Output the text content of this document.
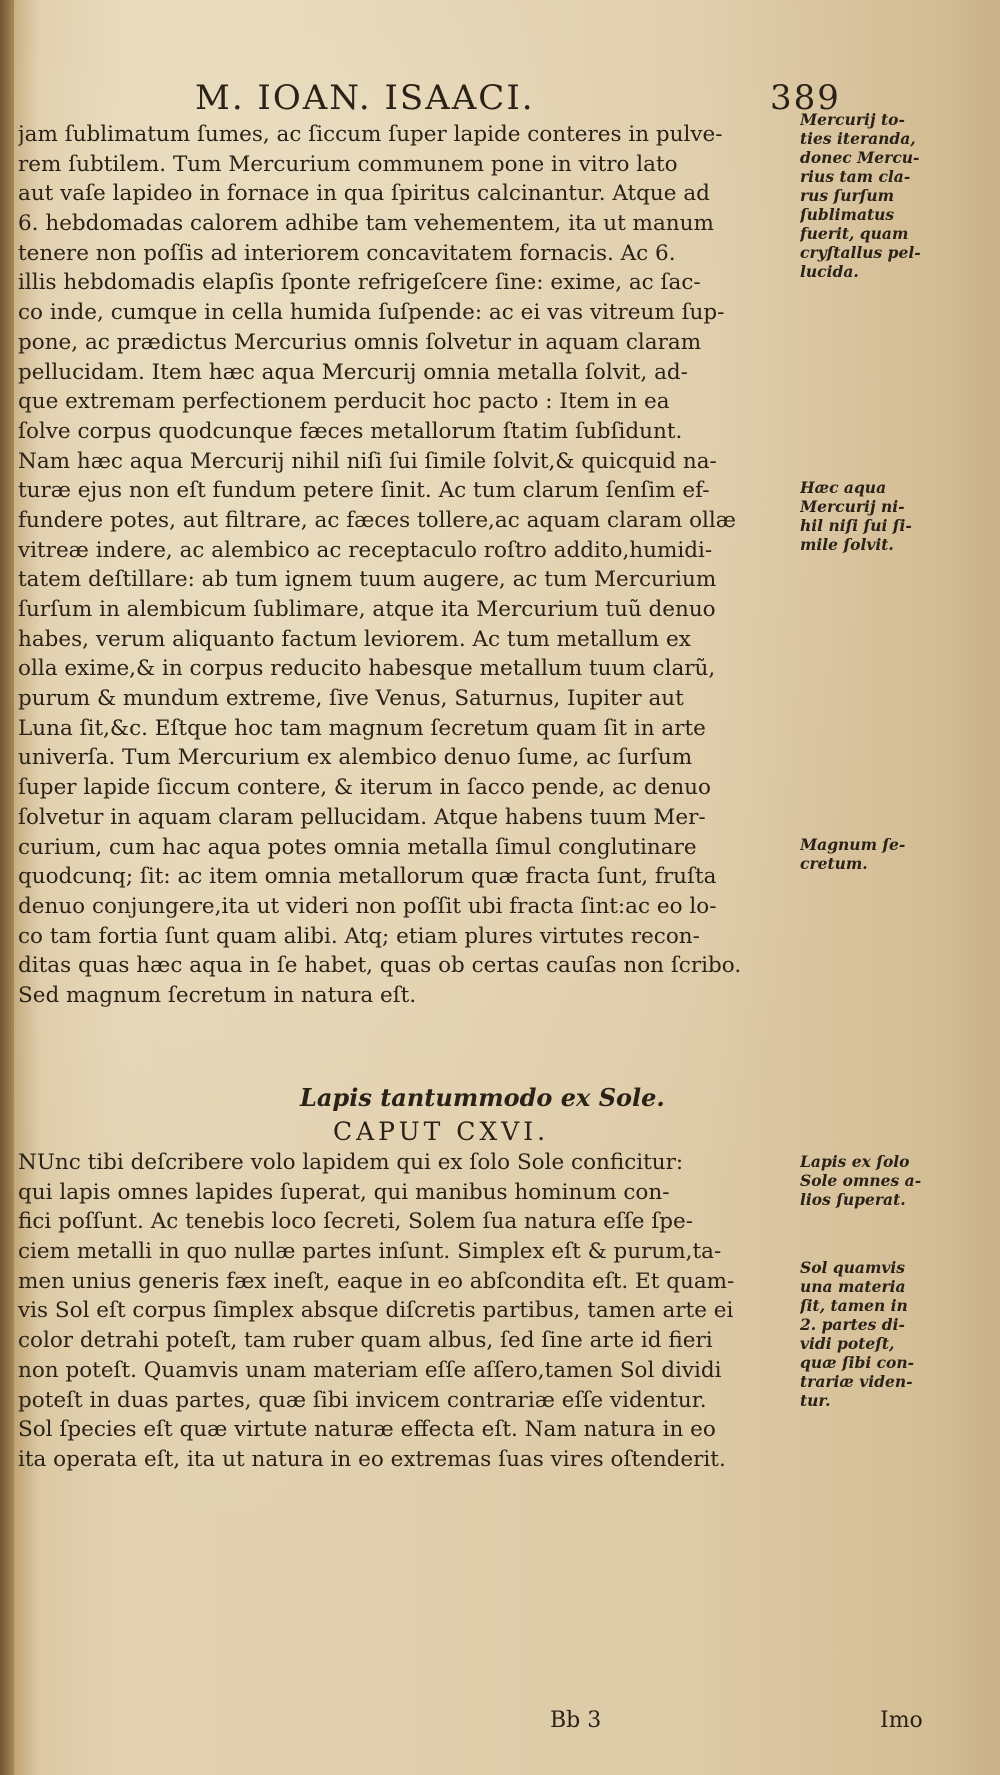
M. IOAN. ISAACI.	389
jam ſublimatum ſumes, ac ſiccum ſuper lapide conteres in pulve-
rem ſubtilem. Tum Mercurium communem pone in vitro lato
aut vaſe lapideo in fornace in qua ſpiritus calcinantur. Atque ad
6. hebdomadas calorem adhibe tam vehementem, ita ut manum
tenere non poſſis ad interiorem concavitatem fornacis. Ac 6.
illis hebdomadis elapſis ſponte refrigeſcere ſine: exime, ac ſac-
co inde, cumque in cella humida ſuſpende: ac ei vas vitreum ſup-
pone, ac prædictus Mercurius omnis ſolvetur in aquam claram
pellucidam. Item hæc aqua Mercurij omnia metalla ſolvit, ad-
que extremam perfectionem perducit hoc pacto : Item in ea
ſolve corpus quodcunque fæces metallorum ſtatim ſubſidunt.
Nam hæc aqua Mercurij nihil niſi ſui ſimile ſolvit,& quicquid na-
turæ ejus non eſt fundum petere ſinit. Ac tum clarum ſenſim ef-
fundere potes, aut filtrare, ac fæces tollere,ac aquam claram ollæ
vitreæ indere, ac alembico ac receptaculo roſtro addito,humidi-
tatem deſtillare: ab tum ignem tuum augere, ac tum Mercurium
ſurſum in alembicum ſublimare, atque ita Mercurium tuũ denuo
habes, verum aliquanto factum leviorem. Ac tum metallum ex
olla exime,& in corpus reducito habesque metallum tuum clarũ,
purum & mundum extreme, ſive Venus, Saturnus, Iupiter aut
Luna ſit,&c. Eſtque hoc tam magnum ſecretum quam ſit in arte
univerſa. Tum Mercurium ex alembico denuo ſume, ac ſurſum
ſuper lapide ſiccum contere, & iterum in ſacco pende, ac denuo
ſolvetur in aquam claram pellucidam. Atque habens tuum Mer-
curium, cum hac aqua potes omnia metalla ſimul conglutinare
quodcunq; ſit: ac item omnia metallorum quæ fracta ſunt, fruſta
denuo conjungere,ita ut videri non poſſit ubi fracta ſint:ac eo lo-
co tam fortia ſunt quam alibi. Atq; etiam plures virtutes recon-
ditas quas hæc aqua in ſe habet, quas ob certas cauſas non ſcribo.
Sed magnum ſecretum in natura eſt.
Lapis tantummodo ex Sole.
CAPUT CXVI.
NUnc tibi deſcribere volo lapidem qui ex ſolo Sole conficitur:
qui lapis omnes lapides ſuperat, qui manibus hominum con-
fici poſſunt. Ac tenebis loco ſecreti, Solem ſua natura eſſe ſpe-
ciem metalli in quo nullæ partes inſunt. Simplex eſt & purum,ta-
men unius generis fæx ineſt, eaque in eo abſcondita eſt. Et quam-
vis Sol eſt corpus ſimplex absque diſcretis partibus, tamen arte ei
color detrahi poteſt, tam ruber quam albus, ſed ſine arte id fieri
non poteſt. Quamvis unam materiam eſſe aſſero,tamen Sol dividi
poteſt in duas partes, quæ ſibi invicem contrariæ eſſe videntur.
Sol ſpecies eſt quæ virtute naturæ effecta eſt. Nam natura in eo
ita operata eſt, ita ut natura in eo extremas ſuas vires oſtenderit.
Mercurij to-
ties iteranda,
donec Mercu-
rius tam cla-
rus ſurſum
ſublimatus
fuerit, quam
cryſtallus pel-
lucida.
Hæc aqua
Mercurij ni-
hil niſi ſui ſi-
mile ſolvit.
Magnum ſe-
cretum.
Lapis ex ſolo
Sole omnes a-
lios ſuperat.
Sol quamvis
una materia
ſit, tamen in
2. partes di-
vidi poteſt,
quæ ſibi con-
trariæ viden-
tur.
Bb 3	Imo
